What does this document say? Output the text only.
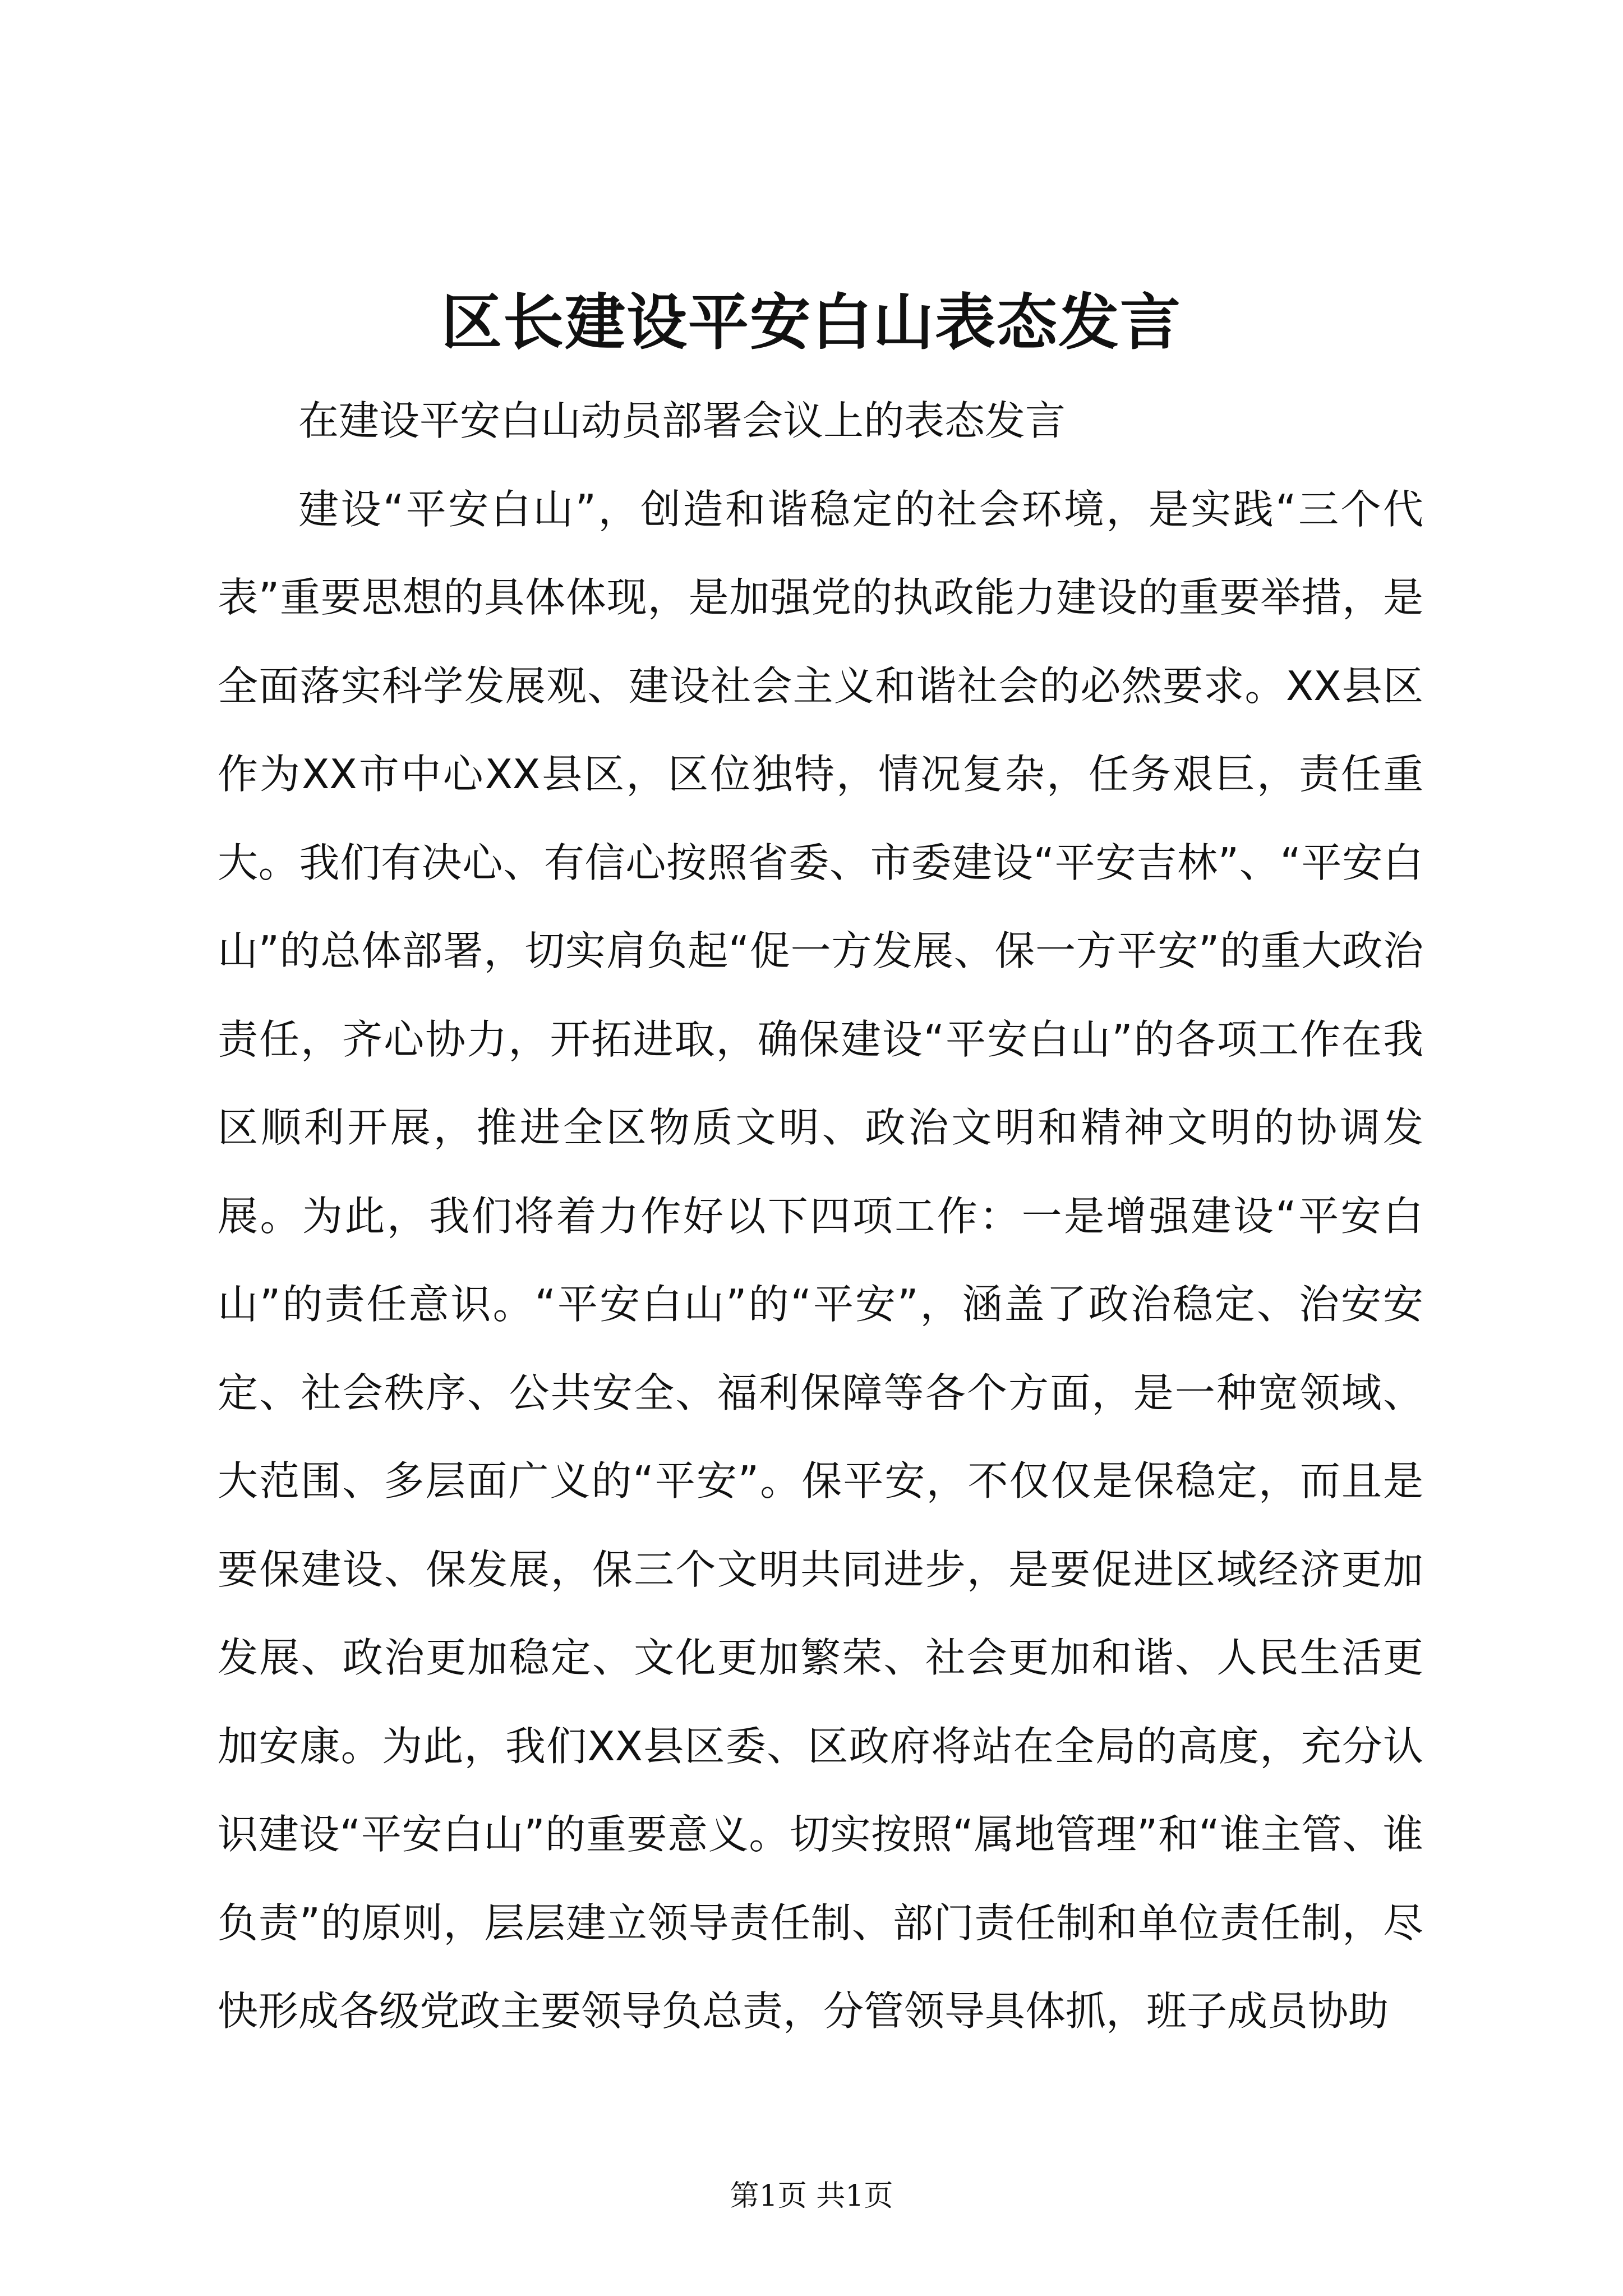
区长建设平安白山表态发言

在建设平安白山动员部署会议上的表态发言

建设“平安白山”，创造和谐稳定的社会环境，是实践“三个代表”重要思想的具体体现，是加强党的执政能力建设的重要举措，是全面落实科学发展观、建设社会主义和谐社会的必然要求。XX县区作为XX市中心XX县区，区位独特，情况复杂，任务艰巨，责任重大。我们有决心、有信心按照省委、市委建设“平安吉林”、“平安白山”的总体部署，切实肩负起“促一方发展、保一方平安”的重大政治责任，齐心协力，开拓进取，确保建设“平安白山”的各项工作在我区顺利开展，推进全区物质文明、政治文明和精神文明的协调发展。为此，我们将着力作好以下四项工作：一是增强建设“平安白山”的责任意识。“平安白山”的“平安”，涵盖了政治稳定、治安安定、社会秩序、公共安全、福利保障等各个方面，是一种宽领域、大范围、多层面广义的“平安”。保平安，不仅仅是保稳定，而且是要保建设、保发展，保三个文明共同进步，是要促进区域经济更加发展、政治更加稳定、文化更加繁荣、社会更加和谐、人民生活更加安康。为此，我们XX县区委、区政府将站在全局的高度，充分认识建设“平安白山”的重要意义。切实按照“属地管理”和“谁主管、谁负责”的原则，层层建立领导责任制、部门责任制和单位责任制，尽快形成各级党政主要领导负总责，分管领导具体抓，班子成员协助

第1页 共1页
